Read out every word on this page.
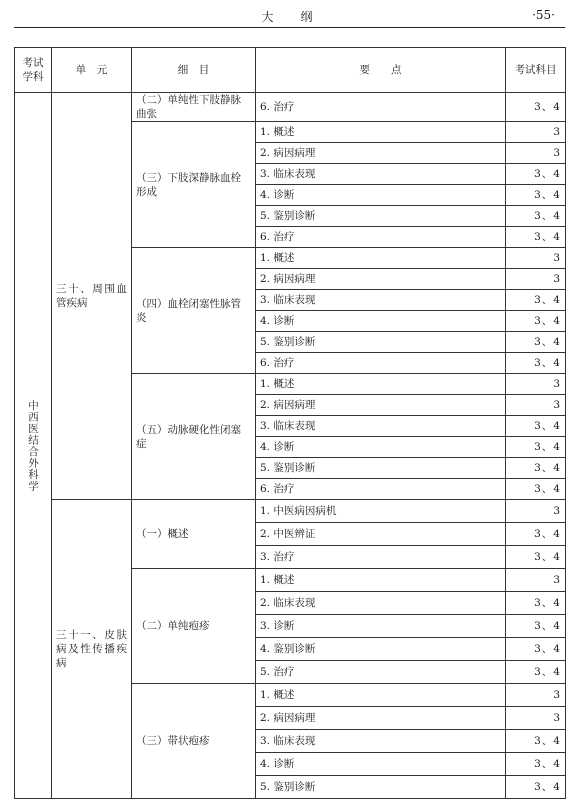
大　　纲	·55·
考试学科	单　元	细　目	要　　点	考试科目
中西医结合外科学	三十、周围血管疾病	（二）单纯性下肢静脉曲张	6. 治疗	3、4
		（三）下肢深静脉血栓形成	1. 概述	3
			2. 病因病理	3
			3. 临床表现	3、4
			4. 诊断	3、4
			5. 鉴别诊断	3、4
			6. 治疗	3、4
		（四）血栓闭塞性脉管炎	1. 概述	3
			2. 病因病理	3
			3. 临床表现	3、4
			4. 诊断	3、4
			5. 鉴别诊断	3、4
			6. 治疗	3、4
		（五）动脉硬化性闭塞症	1. 概述	3
			2. 病因病理	3
			3. 临床表现	3、4
			4. 诊断	3、4
			5. 鉴别诊断	3、4
			6. 治疗	3、4
	三十一、皮肤病及性传播疾病	（一）概述	1. 中医病因病机	3
			2. 中医辨证	3、4
			3. 治疗	3、4
		（二）单纯疱疹	1. 概述	3
			2. 临床表现	3、4
			3. 诊断	3、4
			4. 鉴别诊断	3、4
			5. 治疗	3、4
		（三）带状疱疹	1. 概述	3
			2. 病因病理	3
			3. 临床表现	3、4
			4. 诊断	3、4
			5. 鉴别诊断	3、4
